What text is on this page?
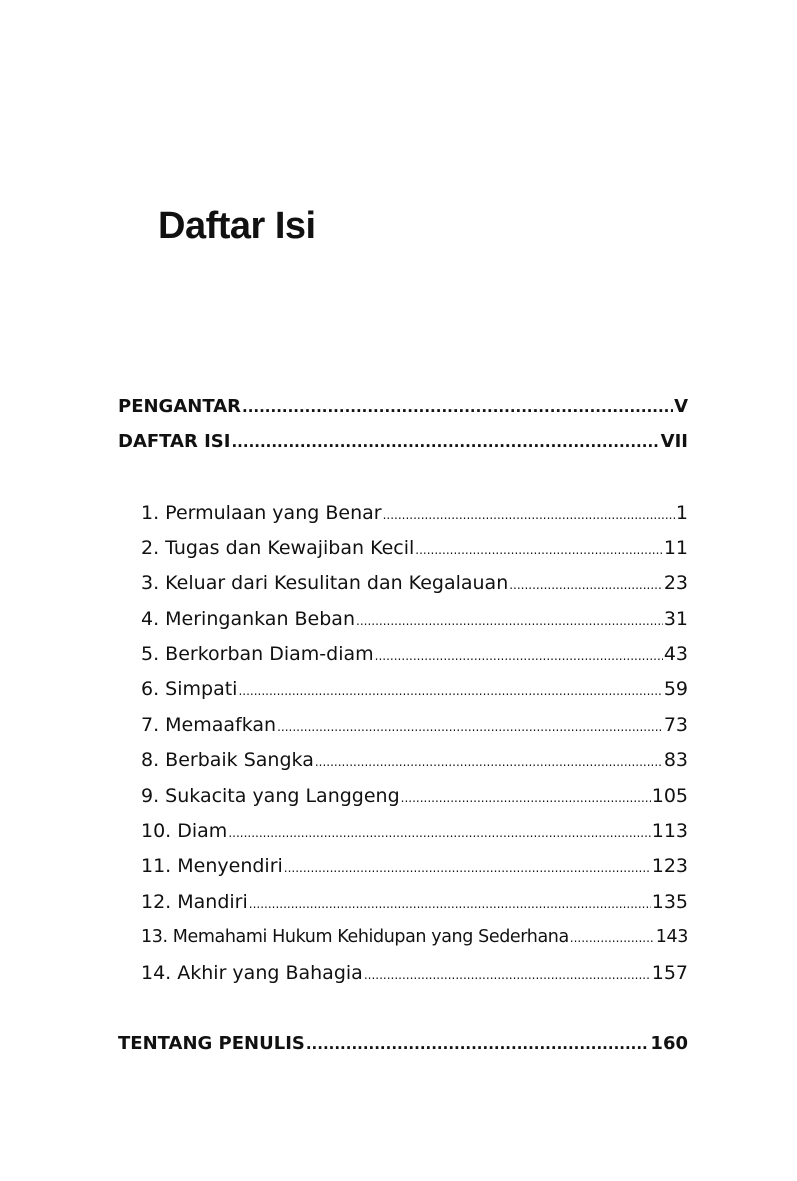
Daftar Isi
PENGANTAR .....	V
DAFTAR ISI .....	VII
1. Permulaan yang Benar .....	1
2. Tugas dan Kewajiban Kecil .....	11
3. Keluar dari Kesulitan dan Kegalauan .....	23
4. Meringankan Beban .....	31
5. Berkorban Diam-diam .....	43
6. Simpati .....	59
7. Memaafkan .....	73
8. Berbaik Sangka .....	83
9. Sukacita yang Langgeng .....	105
10. Diam .....	113
11. Menyendiri .....	123
12. Mandiri .....	135
13. Memahami Hukum Kehidupan yang Sederhana .....	143
14. Akhir yang Bahagia .....	157
TENTANG PENULIS .....	160
